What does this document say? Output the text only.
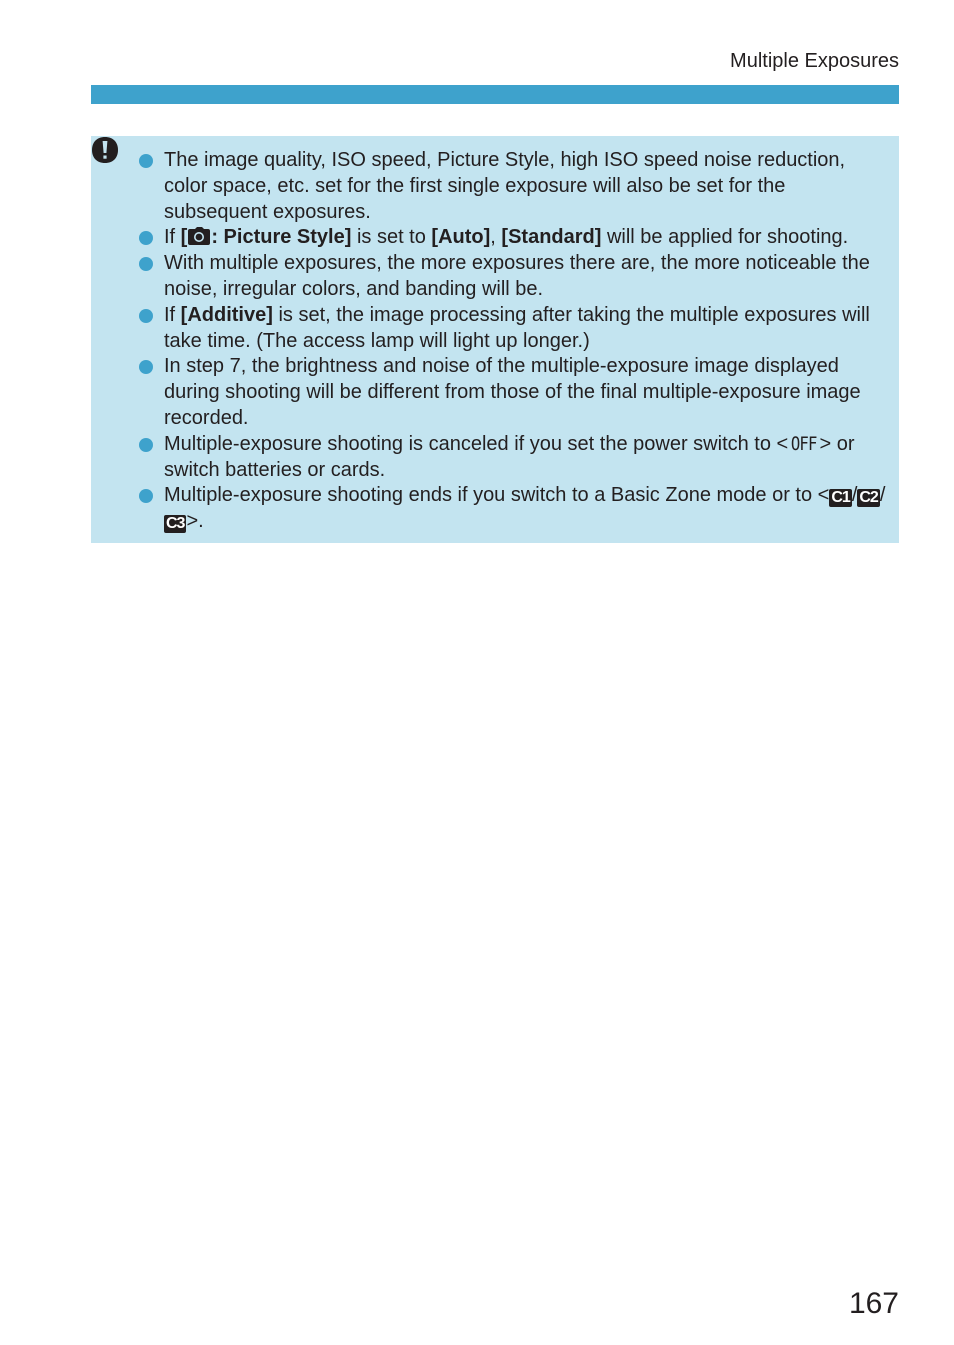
Multiple Exposures
The image quality, ISO speed, Picture Style, high ISO speed noise reduction, color space, etc. set for the first single exposure will also be set for the subsequent exposures.
If [ : Picture Style] is set to [Auto], [Standard] will be applied for shooting.
With multiple exposures, the more exposures there are, the more noticeable the noise, irregular colors, and banding will be.
If [Additive] is set, the image processing after taking the multiple exposures will take time. (The access lamp will light up longer.)
In step 7, the brightness and noise of the multiple-exposure image displayed during shooting will be different from those of the final multiple-exposure image recorded.
Multiple-exposure shooting is canceled if you set the power switch to < OFF > or switch batteries or cards.
Multiple-exposure shooting ends if you switch to a Basic Zone mode or to < C1 / C2 /C3 >.
167
